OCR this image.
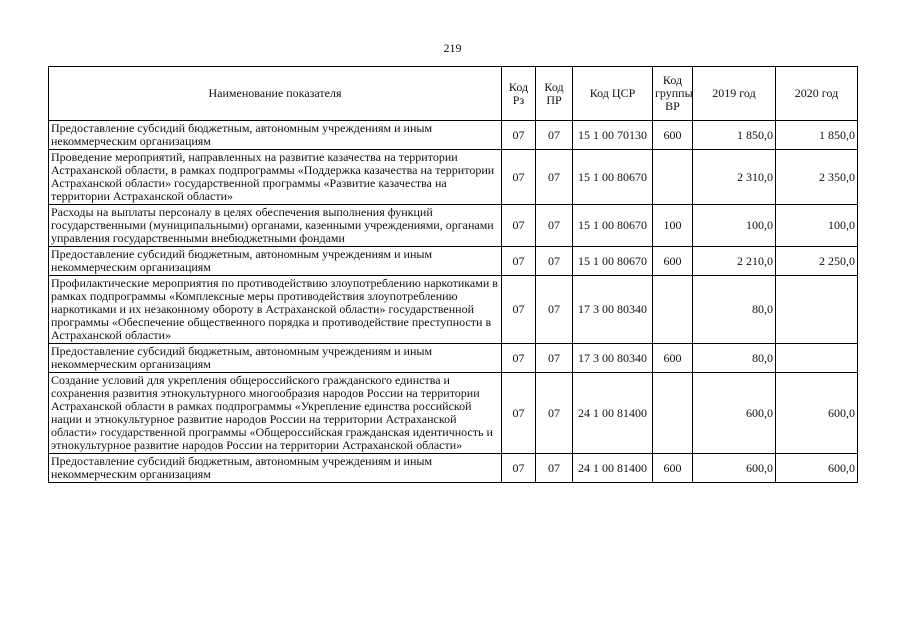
219
Наименование показателя	Код Рз	Код ПР	Код ЦСР	Код группы ВР	2019 год	2020 год
Предоставление субсидий бюджетным, автономным учреждениям и иным некоммерческим организациям	07	07	15 1 00 70130	600	1 850,0	1 850,0
Проведение мероприятий, направленных на развитие казачества на территории Астраханской области, в рамках подпрограммы «Поддержка казачества на территории Астраханской области» государственной программы «Развитие казачества на территории Астраханской области»	07	07	15 1 00 80670		2 310,0	2 350,0
Расходы на выплаты персоналу в целях обеспечения выполнения функций государственными (муниципальными) органами, казенными учреждениями, органами управления государственными внебюджетными фондами	07	07	15 1 00 80670	100	100,0	100,0
Предоставление субсидий бюджетным, автономным учреждениям и иным некоммерческим организациям	07	07	15 1 00 80670	600	2 210,0	2 250,0
Профилактические мероприятия по противодействию злоупотреблению наркотиками в рамках подпрограммы «Комплексные меры противодействия злоупотреблению наркотиками и их незаконному обороту в Астраханской области» государственной программы «Обеспечение общественного порядка и противодействие преступности в Астраханской области»	07	07	17 3 00 80340		80,0	
Предоставление субсидий бюджетным, автономным учреждениям и иным некоммерческим организациям	07	07	17 3 00 80340	600	80,0	
Создание условий для укрепления общероссийского гражданского единства и сохранения развития этнокультурного многообразия народов России на территории Астраханской области в рамках подпрограммы «Укрепление единства российской нации и этнокультурное развитие народов России на территории Астраханской области» государственной программы «Общероссийская гражданская идентичность и этнокультурное развитие народов России на территории Астраханской области»	07	07	24 1 00 81400		600,0	600,0
Предоставление субсидий бюджетным, автономным учреждениям и иным некоммерческим организациям	07	07	24 1 00 81400	600	600,0	600,0
